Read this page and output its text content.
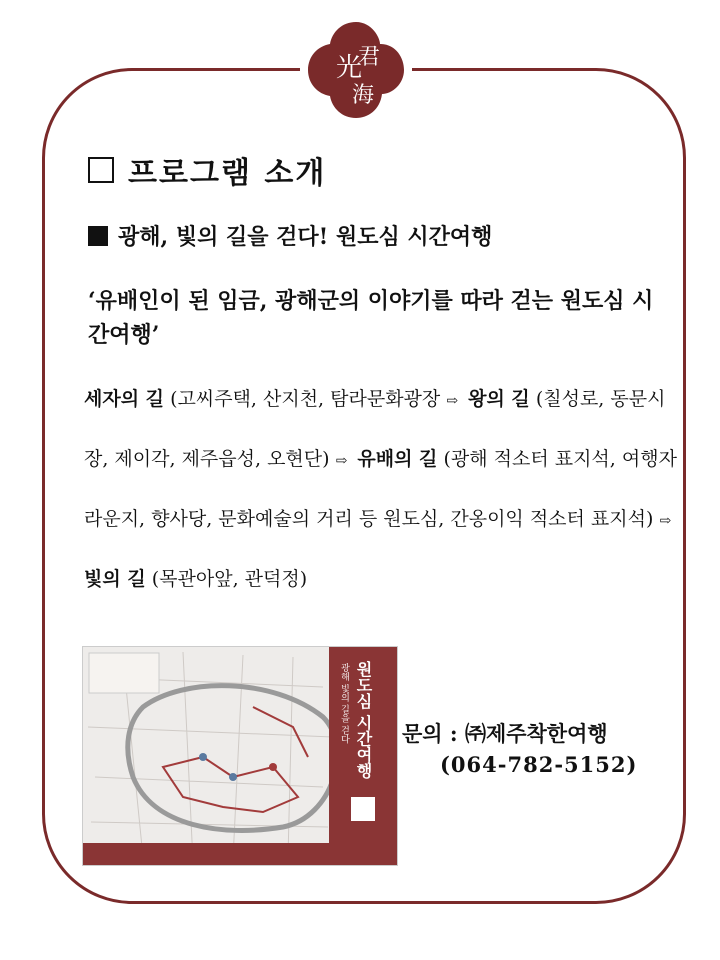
光
君
海
프로그램 소개
광해, 빛의 길을 걷다! 원도심 시간여행
‘유배인이 된 임금, 광해군의 이야기를 따라 걷는 원도심 시간여행’
세자의 길 (고씨주택, 산지천, 탐라문화광장 ⇨ 왕의 길 (칠성로, 동문시장, 제이각, 제주읍성, 오현단) ⇨ 유배의 길 (광해 적소터 표지석, 여행자라운지, 향사당, 문화예술의 거리 등 원도심, 간옹이익 적소터 표지석) ⇨ 빛의 길 (목관아앞, 관덕정)
원도심 시간여행
광해 빛의 길을 걷다	문의 : ㈜제주착한여행
(064-782-5152)
